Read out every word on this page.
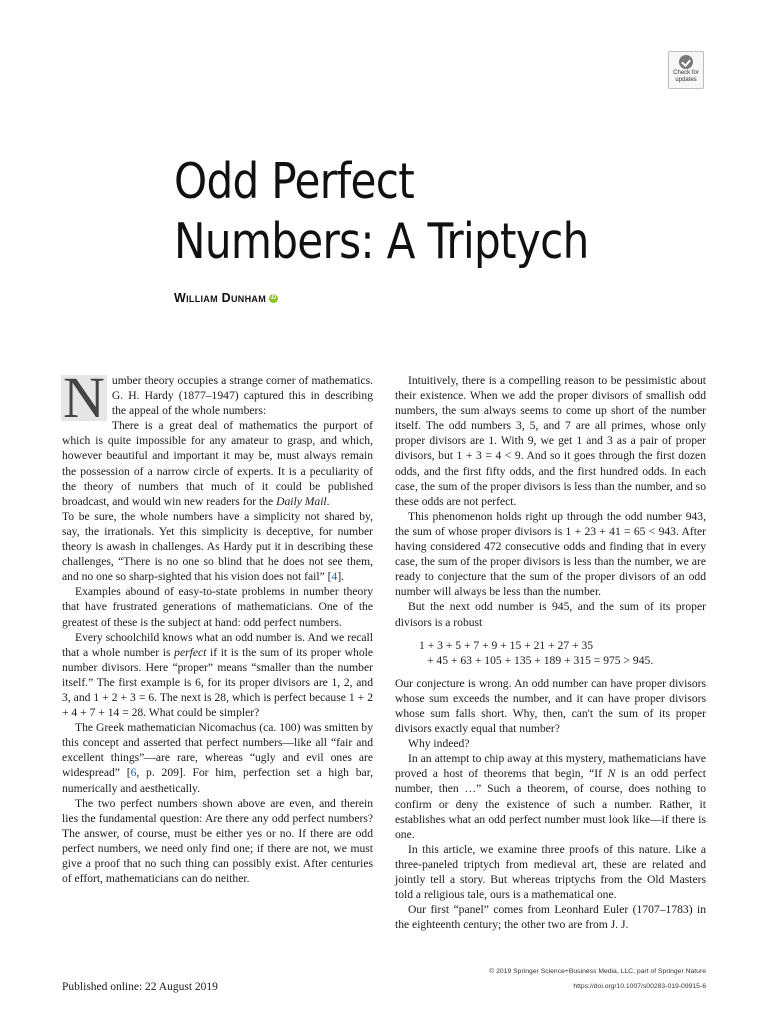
Check for
updates
Odd Perfect
Numbers: A Triptych
William Dunham iD

N umber theory occupies a strange corner of mathematics. G. H. Hardy (1877–1947) captured this in describing the appeal of the whole numbers:

There is a great deal of mathematics the purport of which is quite impossible for any amateur to grasp, and which, however beautiful and important it may be, must always remain the possession of a narrow circle of experts. It is a peculiarity of the theory of numbers that much of it could be published broadcast, and would win new readers for the Daily Mail.

To be sure, the whole numbers have a simplicity not shared by, say, the irrationals. Yet this simplicity is deceptive, for number theory is awash in challenges. As Hardy put it in describing these challenges, “There is no one so blind that he does not see them, and no one so sharp-sighted that his vision does not fail” [4].

Examples abound of easy-to-state problems in number theory that have frustrated generations of mathematicians. One of the greatest of these is the subject at hand: odd perfect numbers.

Every schoolchild knows what an odd number is. And we recall that a whole number is perfect if it is the sum of its proper whole number divisors. Here “proper” means “smaller than the number itself.” The first example is 6, for its proper divisors are 1, 2, and 3, and 1 + 2 + 3 = 6. The next is 28, which is perfect because 1 + 2 + 4 + 7 + 14 = 28. What could be simpler?

The Greek mathematician Nicomachus (ca. 100) was smitten by this concept and asserted that perfect numbers—like all “fair and excellent things”—are rare, whereas “ugly and evil ones are widespread” [6, p. 209]. For him, perfection set a high bar, numerically and aesthetically.

The two perfect numbers shown above are even, and therein lies the fundamental question: Are there any odd perfect numbers? The answer, of course, must be either yes or no. If there are odd perfect numbers, we need only find one; if there are not, we must give a proof that no such thing can possibly exist. After centuries of effort, mathematicians can do neither.

Intuitively, there is a compelling reason to be pessimistic about their existence. When we add the proper divisors of smallish odd numbers, the sum always seems to come up short of the number itself. The odd numbers 3, 5, and 7 are all primes, whose only proper divisors are 1. With 9, we get 1 and 3 as a pair of proper divisors, but 1 + 3 = 4 < 9. And so it goes through the first dozen odds, and the first fifty odds, and the first hundred odds. In each case, the sum of the proper divisors is less than the number, and so these odds are not perfect.

This phenomenon holds right up through the odd number 943, the sum of whose proper divisors is 1 + 23 + 41 = 65 < 943. After having considered 472 consecutive odds and finding that in every case, the sum of the proper divisors is less than the number, we are ready to conjecture that the sum of the proper divisors of an odd number will always be less than the number.

But the next odd number is 945, and the sum of its proper divisors is a robust

1 + 3 + 5 + 7 + 9 + 15 + 21 + 27 + 35
+ 45 + 63 + 105 + 135 + 189 + 315 = 975 > 945.

Our conjecture is wrong. An odd number can have proper divisors whose sum exceeds the number, and it can have proper divisors whose sum falls short. Why, then, can't the sum of its proper divisors exactly equal that number?

Why indeed?

In an attempt to chip away at this mystery, mathematicians have proved a host of theorems that begin, “If N is an odd perfect number, then …” Such a theorem, of course, does nothing to confirm or deny the existence of such a number. Rather, it establishes what an odd perfect number must look like—if there is one.

In this article, we examine three proofs of this nature. Like a three-paneled triptych from medieval art, these are related and jointly tell a story. But whereas triptychs from the Old Masters told a religious tale, ours is a mathematical one.

Our first “panel” comes from Leonhard Euler (1707–1783) in the eighteenth century; the other two are from J. J.

Published online: 22 August 2019
© 2019 Springer Science+Business Media, LLC, part of Springer Nature
https://doi.org/10.1007/s00283-019-09915-6
